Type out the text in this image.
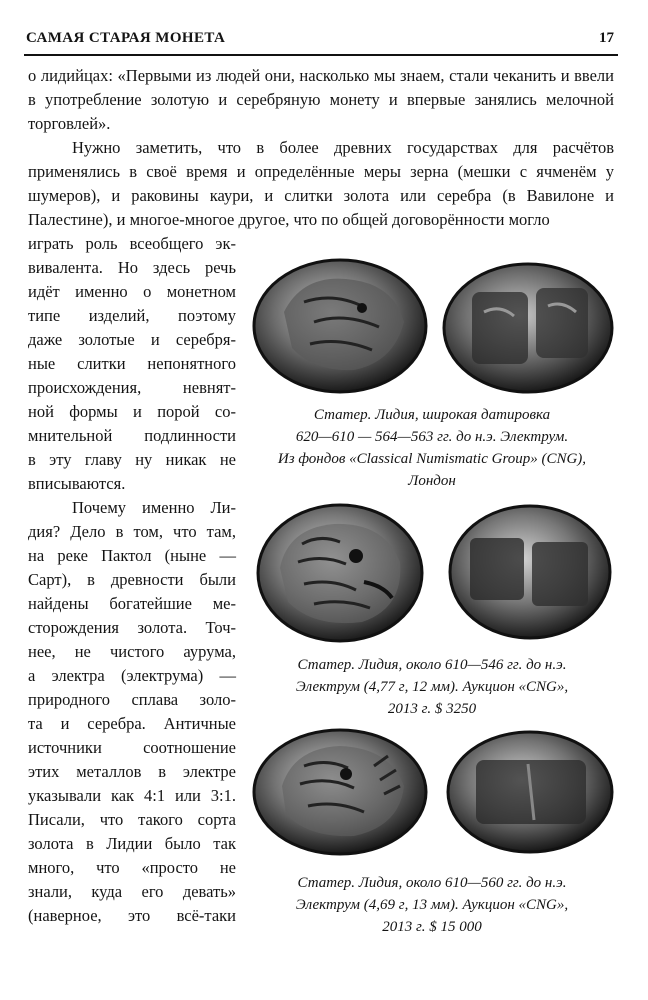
САМАЯ СТАРАЯ МОНЕТА	17

о лидийцах: «Первыми из людей они, насколько мы знаем, стали чеканить и ввели в употребление золотую и серебряную монету и впервые занялись мелочной торговлей».

Нужно заметить, что в более древних государствах для расчётов применялись в своё время и определённые меры зерна (мешки с ячменём у шумеров), и раковины каури, и слитки золота или серебра (в Вавилоне и Палестине), и многое-многое другое, что по общей договорённости могло

играть роль всеобщего эк-
вивалента. Но здесь речь
идёт именно о монетном
типе изделий, поэтому
даже золотые и серебря-
ные слитки непонятного
происхождения, невнят-
ной формы и порой со-
мнительной подлинности
в эту главу ну никак не
вписываются.
Почему именно Ли-
дия? Дело в том, что там,
на реке Пактол (ныне —
Сарт), в древности были
найдены богатейшие ме-
сторождения золота. Точ-
нее, не чистого аурума,
а электра (электрума) —
природного сплава золо-
та и серебра. Античные
источники соотношение
этих металлов в электре
указывали как 4:1 или 3:1.
Писали, что такого сорта
золота в Лидии было так
много, что «просто не
знали, куда его девать»
(наверное, это всё-таки
Статер. Лидия, широкая датировка
620—610 — 564—563 гг. до н.э. Электрум.
Из фондов «Classical Numismatic Group» (CNG),
Лондон
Статер. Лидия, около 610—546 гг. до н.э.
Электрум (4,77 г, 12 мм). Аукцион «CNG»,
2013 г. $ 3250
Статер. Лидия, около 610—560 гг. до н.э.
Электрум (4,69 г, 13 мм). Аукцион «CNG»,
2013 г. $ 15 000
